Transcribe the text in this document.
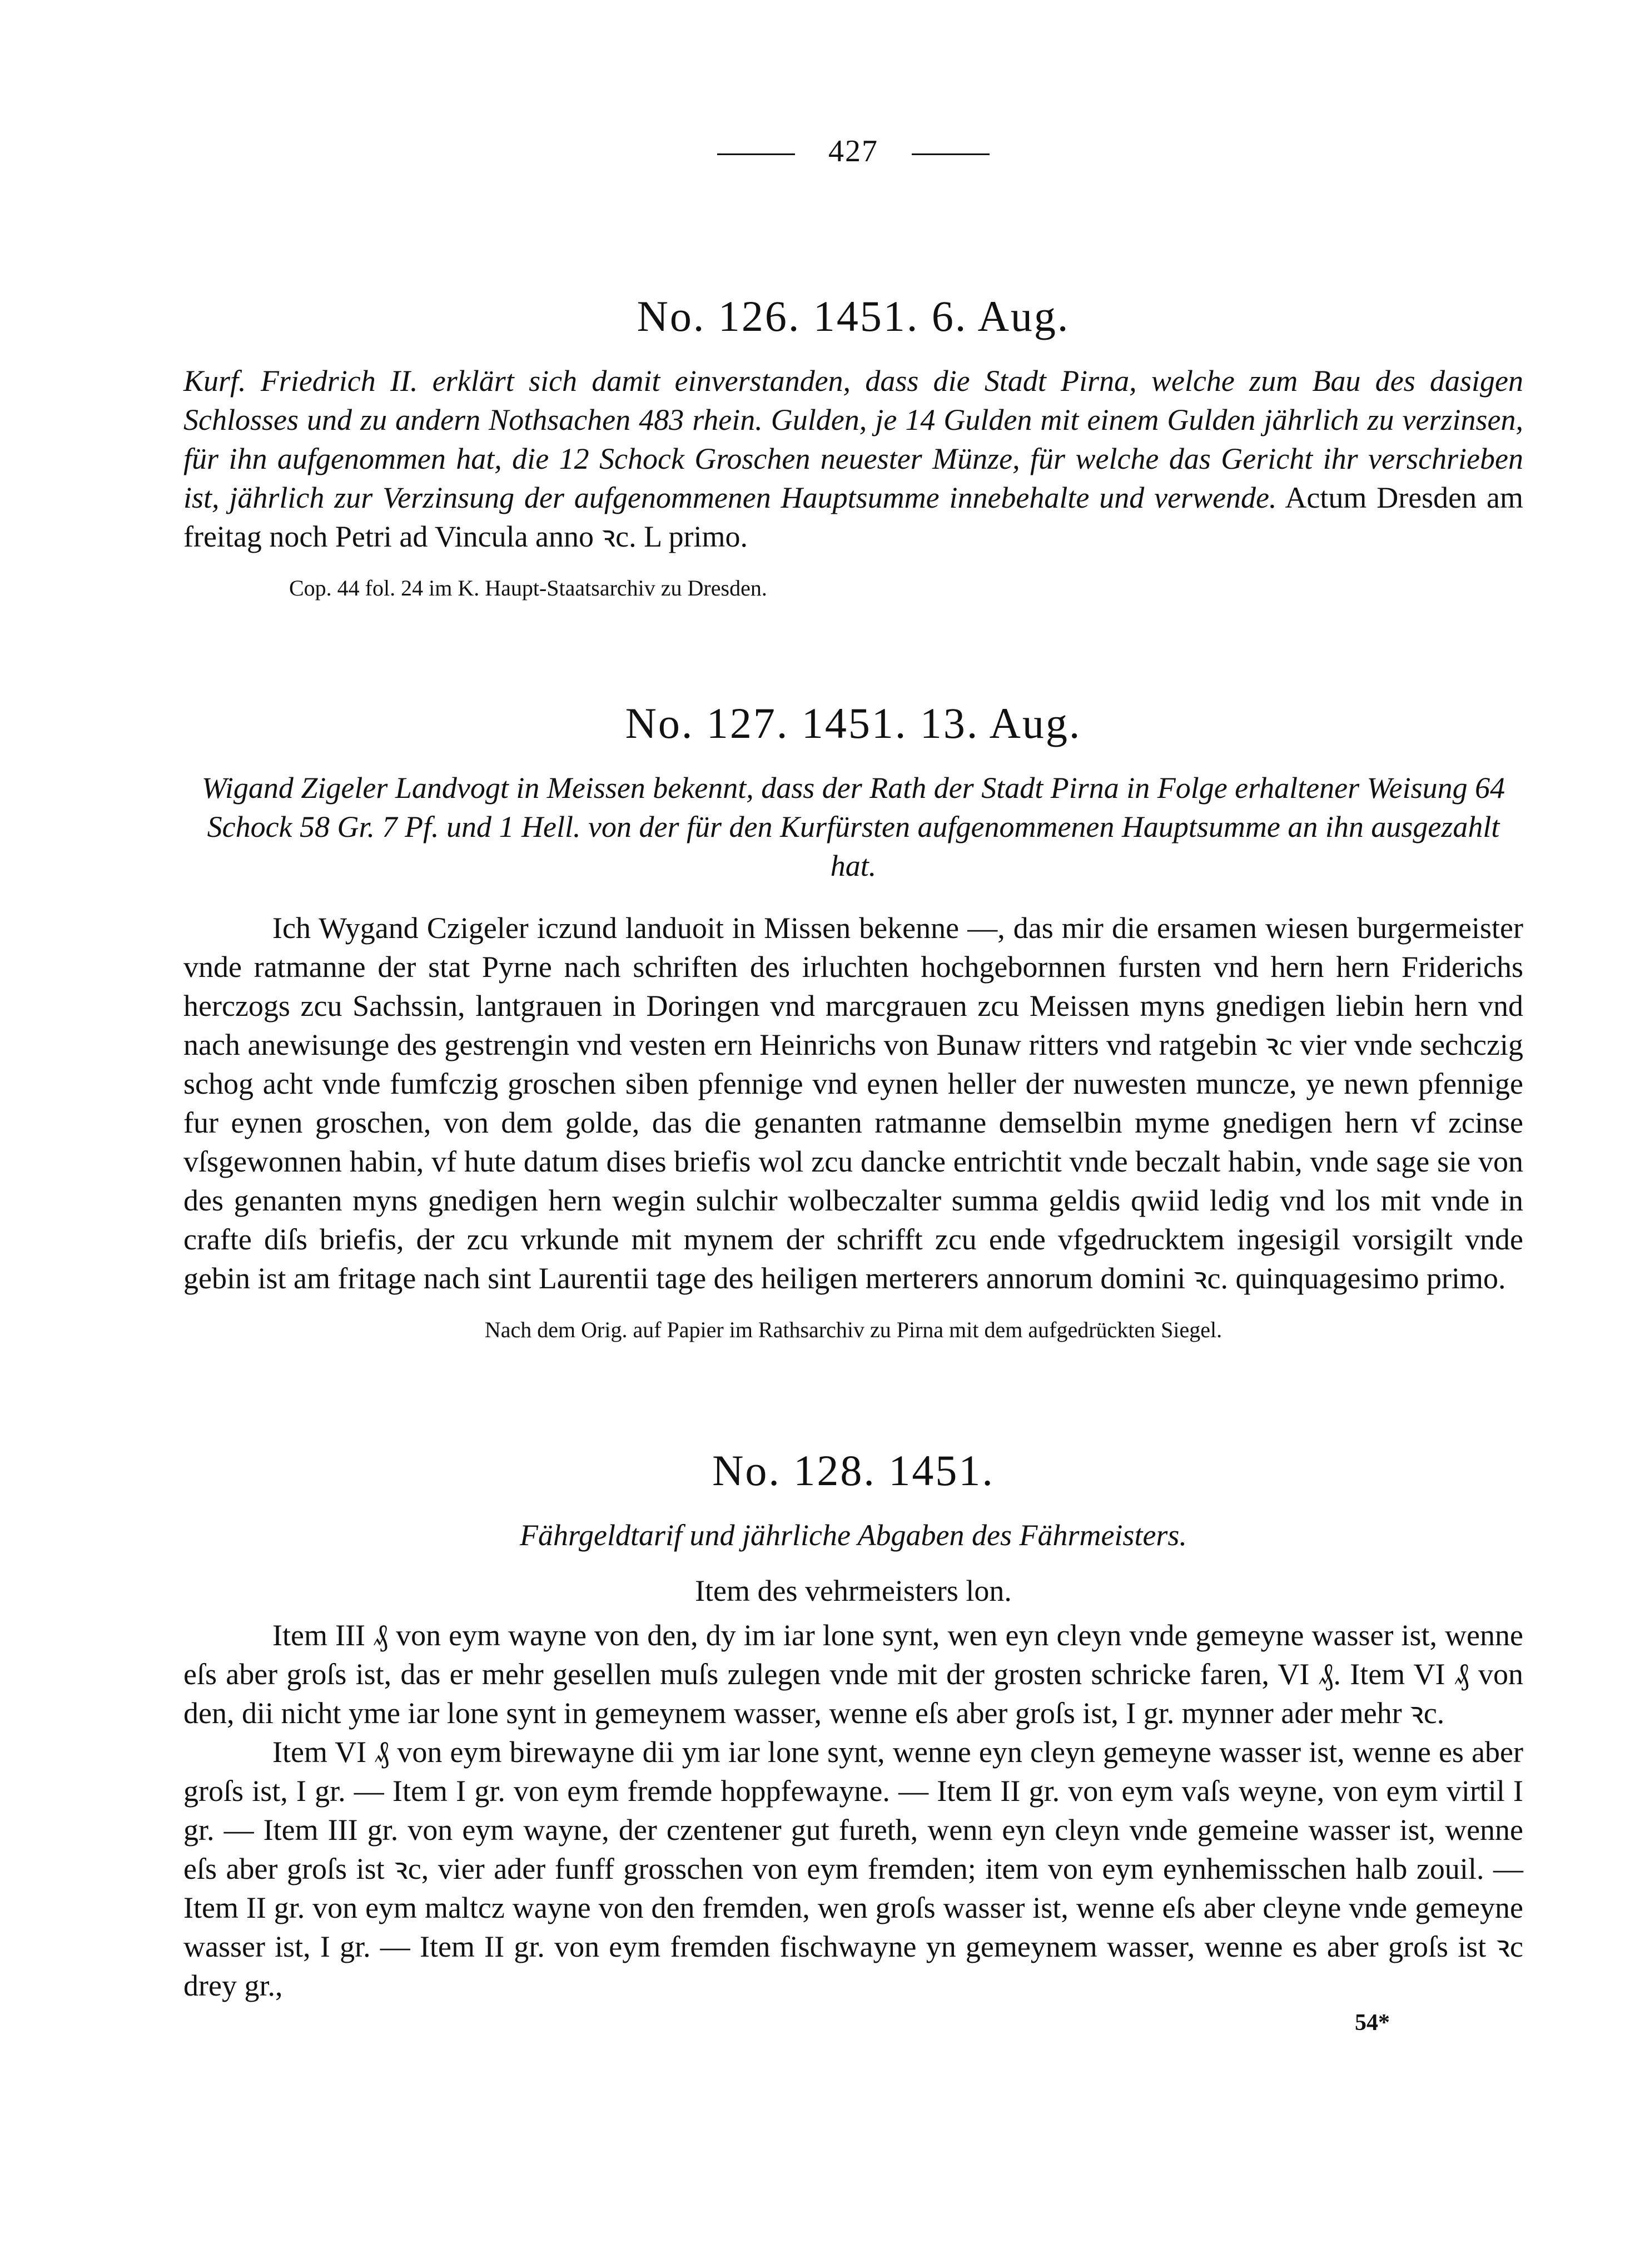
427
No. 126. 1451. 6. Aug.
Kurf. Friedrich II. erklärt sich damit einverstanden, dass die Stadt Pirna, welche zum Bau des dasigen Schlosses und zu andern Nothsachen 483 rhein. Gulden, je 14 Gulden mit einem Gulden jährlich zu verzinsen, für ihn aufgenommen hat, die 12 Schock Groschen neuester Münze, für welche das Gericht ihr verschrieben ist, jährlich zur Verzinsung der aufgenommenen Hauptsumme innebehalte und verwende. Actum Dresden am freitag noch Petri ad Vincula anno ꝛc. L primo.
Cop. 44 fol. 24 im K. Haupt-Staatsarchiv zu Dresden.
No. 127. 1451. 13. Aug.
Wigand Zigeler Landvogt in Meissen bekennt, dass der Rath der Stadt Pirna in Folge erhaltener Weisung 64 Schock 58 Gr. 7 Pf. und 1 Hell. von der für den Kurfürsten aufgenommenen Hauptsumme an ihn ausgezahlt hat.

Ich Wygand Czigeler iczund landuoit in Missen bekenne —, das mir die ersamen wiesen burgermeister vnde ratmanne der stat Pyrne nach schriften des irluchten hochgebornnen fursten vnd hern hern Friderichs herczogs zcu Sachssin, lantgrauen in Doringen vnd marcgrauen zcu Meissen myns gnedigen liebin hern vnd nach anewisunge des gestrengin vnd vesten ern Heinrichs von Bunaw ritters vnd ratgebin ꝛc vier vnde sechczig schog acht vnde fumfczig groschen siben pfennige vnd eynen heller der nuwesten muncze, ye newn pfennige fur eynen groschen, von dem golde, das die genanten ratmanne demselbin myme gnedigen hern vf zcinse vſsgewonnen habin, vf hute datum dises briefis wol zcu dancke entrichtit vnde beczalt habin, vnde sage sie von des genanten myns gnedigen hern wegin sulchir wolbeczalter summa geldis qwiid ledig vnd los mit vnde in crafte diſs briefis, der zcu vrkunde mit mynem der schrifft zcu ende vfgedrucktem ingesigil vorsigilt vnde gebin ist am fritage nach sint Laurentii tage des heiligen merterers annorum domini ꝛc. quinquagesimo primo.

Nach dem Orig. auf Papier im Rathsarchiv zu Pirna mit dem aufgedrückten Siegel.
No. 128. 1451.
Fährgeldtarif und jährliche Abgaben des Fährmeisters.
Item des vehrmeisters lon.

Item III ₰ von eym wayne von den, dy im iar lone synt, wen eyn cleyn vnde gemeyne wasser ist, wenne eſs aber groſs ist, das er mehr gesellen muſs zulegen vnde mit der grosten schricke faren, VI ₰. Item VI ₰ von den, dii nicht yme iar lone synt in gemeynem wasser, wenne eſs aber groſs ist, I gr. mynner ader mehr ꝛc.

Item VI ₰ von eym birewayne dii ym iar lone synt, wenne eyn cleyn gemeyne wasser ist, wenne es aber groſs ist, I gr. — Item I gr. von eym fremde hoppfewayne. — Item II gr. von eym vaſs weyne, von eym virtil I gr. — Item III gr. von eym wayne, der czentener gut fureth, wenn eyn cleyn vnde gemeine wasser ist, wenne eſs aber groſs ist ꝛc, vier ader funff grosschen von eym fremden; item von eym eynhemisschen halb zouil. — Item II gr. von eym maltcz wayne von den fremden, wen groſs wasser ist, wenne eſs aber cleyne vnde gemeyne wasser ist, I gr. — Item II gr. von eym fremden fischwayne yn gemeynem wasser, wenne es aber groſs ist ꝛc drey gr.,

54*
